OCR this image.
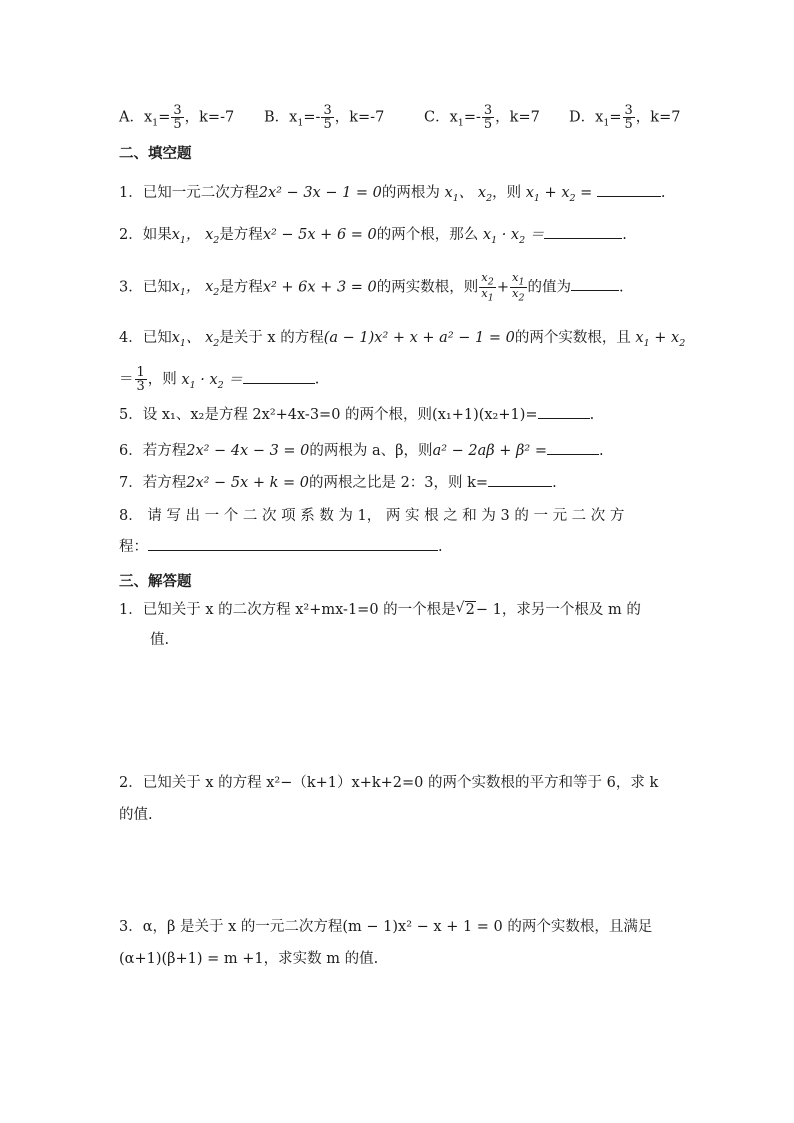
A．$x_1= \frac{3}{5}$ ，k=-7 B．$x_1=- \frac{3}{5}$ ，k=-7	C．$x_1=- \frac{3}{5}$ ，k=7 D．$x_1= \frac{3}{5}$ ，k=7
二、填空题
1．已知一元二次方程2x² − 3x − 1 = 0的两根为 $x_1$、 $x_2$，则 $x_1 + x_2$ =	.
2．如果$x_1$， $x_2$是方程x² − 5x + 6 = 0的两个根，那么 $x_1 \cdot x_2$ ＝	.
3．已知$x_1$， $x_2$是方程x² + 6x + 3 = 0的两实数根，则 $\frac{x_2}{x_1} + \frac{x_1}{x_2}$ 的值为	.
4．已知$x_1$、 $x_2$是关于 x 的方程(a − 1)x² + x + a² − 1 = 0的两个实数根，且 $x_1 + x_2$
＝ $\frac{1}{3}$ ，则 $x_1 \cdot x_2$ ＝	.
5．设 x₁、x₂是方程 2x²+4x-3=0 的两个根，则(x₁+1)(x₂+1)=	.
6．若方程2x² − 4x − 3 = 0的两根为 a、β，则a² − 2aβ + β² =	.
7．若方程2x² − 5x + k = 0的两根之比是 2：3，则 k=	.
8． 请 写 出 一 个 二 次 项 系 数 为 1， 两 实 根 之 和 为 3 的 一 元 二 次 方
程：	.
三、解答题
1．已知关于 x 的二次方程 x²+mx-1=0 的一个根是 √ 2− 1，求另一个根及 m 的
值.
2．已知关于 x 的方程 x²−（k+1）x+k+2=0 的两个实数根的平方和等于 6，求 k
的值.
3．α，β 是关于 x 的一元二次方程(m − 1)x² − x + 1 = 0 的两个实数根，且满足
(α+1)(β+1) = m +1，求实数 m 的值.
